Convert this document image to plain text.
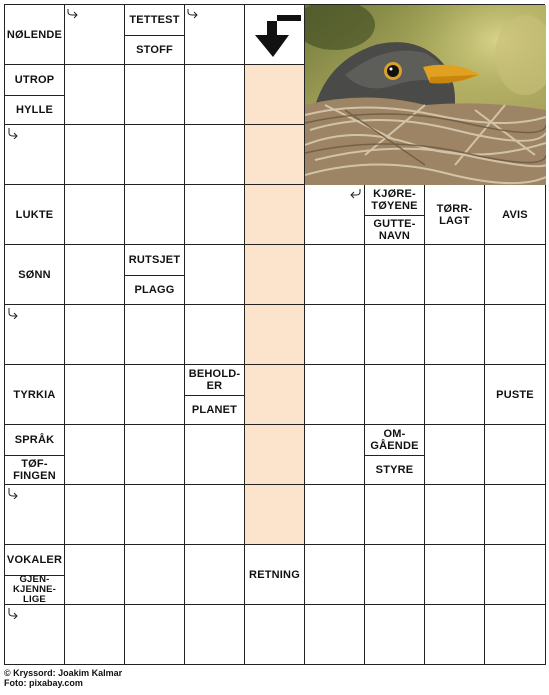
NØLENDE
TETTEST
STOFF
UTROP
HYLLE
LUKTE
KJØRE-
TØYENE
GUTTE-
NAVN
TØRR-
LAGT	AVIS
SØNN
RUTSJET
PLAGG
TYRKIA
BEHOLD-
ER
PLANET
PUSTE
SPRÅK
TØF-
FINGEN
OM-
GÅENDE
STYRE
VOKALER
GJEN-
KJENNE-
LIGE
RETNING
© Kryssord: Joakim Kalmar
Foto: pixabay.com
